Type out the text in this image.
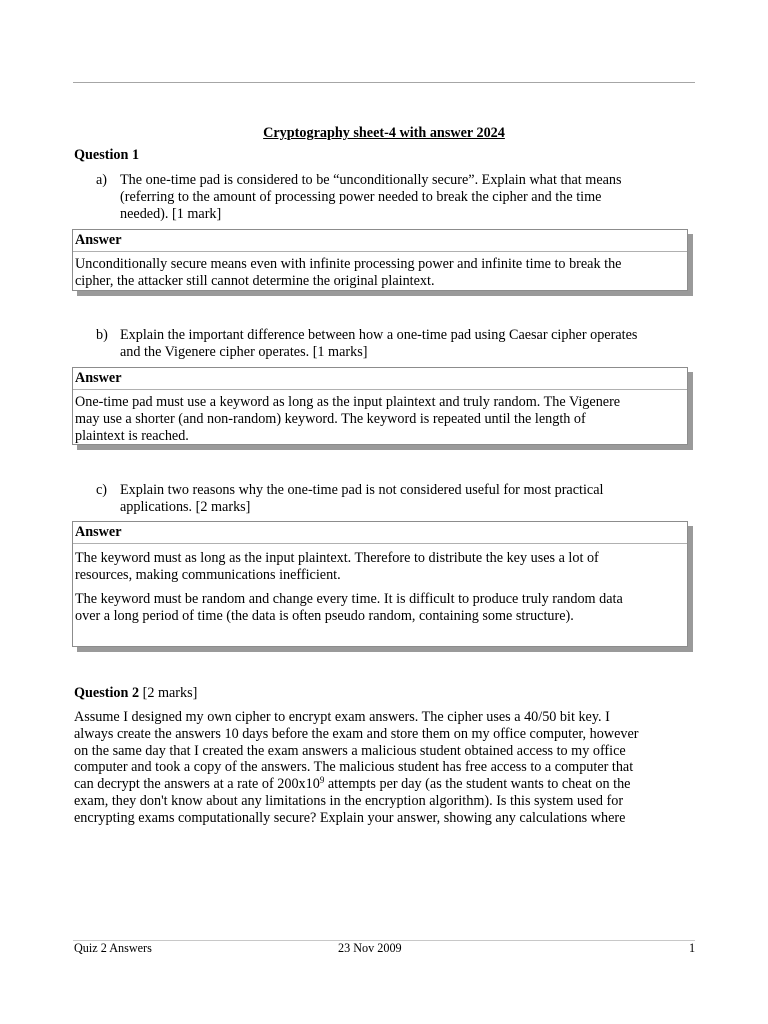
Cryptography sheet-4 with answer 2024
Question 1
a) The one-time pad is considered to be “unconditionally secure”. Explain what that means
(referring to the amount of processing power needed to break the cipher and the time
needed). [1 mark]
Answer

Unconditionally secure means even with infinite processing power and infinite time to break the
cipher, the attacker still cannot determine the original plaintext.

b) Explain the important difference between how a one-time pad using Caesar cipher operates
and the Vigenere cipher operates. [1 marks]
Answer

One-time pad must use a keyword as long as the input plaintext and truly random. The Vigenere
may use a shorter (and non-random) keyword. The keyword is repeated until the length of
plaintext is reached.

c) Explain two reasons why the one-time pad is not considered useful for most practical
applications. [2 marks]
Answer

The keyword must as long as the input plaintext. Therefore to distribute the key uses a lot of
resources, making communications inefficient.

The keyword must be random and change every time. It is difficult to produce truly random data
over a long period of time (the data is often pseudo random, containing some structure).

Question 2 [2 marks]
Assume I designed my own cipher to encrypt exam answers. The cipher uses a 40/50 bit key. I
always create the answers 10 days before the exam and store them on my office computer, however
on the same day that I created the exam answers a malicious student obtained access to my office
computer and took a copy of the answers. The malicious student has free access to a computer that
can decrypt the answers at a rate of $200x10^9$ attempts per day (as the student wants to cheat on the
exam, they don't know about any limitations in the encryption algorithm). Is this system used for
encrypting exams computationally secure? Explain your answer, showing any calculations where
Quiz 2 Answers	23 Nov 2009	1
